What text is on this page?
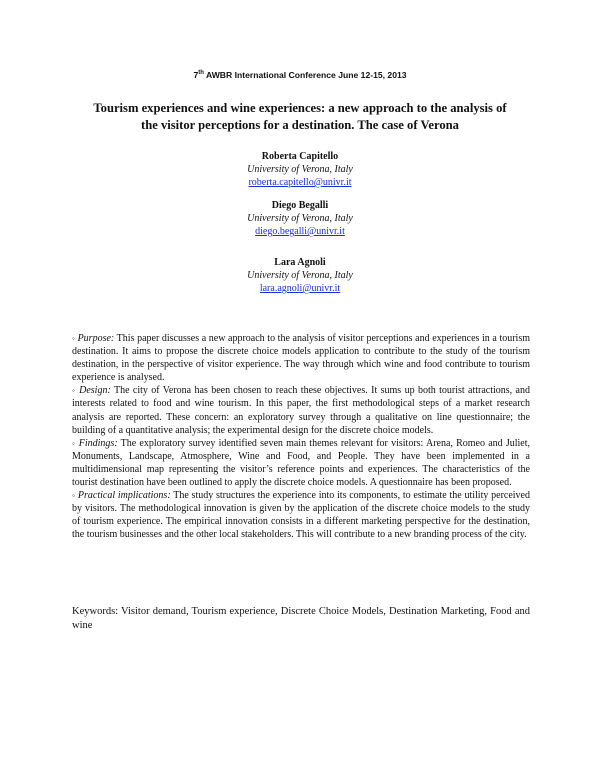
7th AWBR International Conference June 12-15, 2013
Tourism experiences and wine experiences: a new approach to the analysis of
the visitor perceptions for a destination. The case of Verona
Roberta Capitello
University of Verona, Italy
roberta.capitello@univr.it
Diego Begalli
University of Verona, Italy
diego.begalli@univr.it
Lara Agnoli
University of Verona, Italy
lara.agnoli@univr.it

◦ Purpose: This paper discusses a new approach to the analysis of visitor perceptions and experiences in a tourism destination. It aims to propose the discrete choice models application to contribute to the study of the tourism destination, in the perspective of visitor experience. The way through which wine and food contribute to tourism experience is analysed.

◦ Design: The city of Verona has been chosen to reach these objectives. It sums up both tourist attractions, and interests related to food and wine tourism. In this paper, the first methodological steps of a market research analysis are reported. These concern: an exploratory survey through a qualitative on line questionnaire; the building of a quantitative analysis; the experimental design for the discrete choice models.

◦ Findings: The exploratory survey identified seven main themes relevant for visitors: Arena, Romeo and Juliet, Monuments, Landscape, Atmosphere, Wine and Food, and People. They have been implemented in a multidimensional map representing the visitor’s reference points and experiences. The characteristics of the tourist destination have been outlined to apply the discrete choice models. A questionnaire has been proposed.

◦ Practical implications: The study structures the experience into its components, to estimate the utility perceived by visitors. The methodological innovation is given by the application of the discrete choice models to the study of tourism experience. The empirical innovation consists in a different marketing perspective for the destination, the tourism businesses and the other local stakeholders. This will contribute to a new branding process of the city.

Keywords: Visitor demand, Tourism experience, Discrete Choice Models, Destination Marketing, Food and wine
